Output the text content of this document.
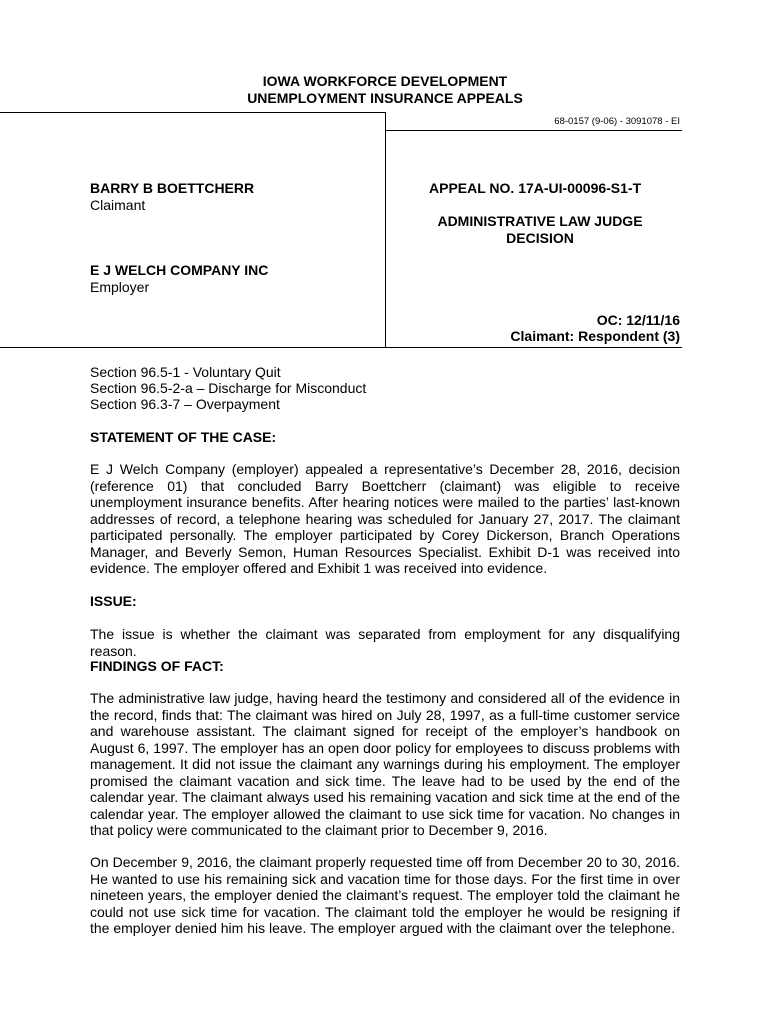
IOWA WORKFORCE DEVELOPMENT
UNEMPLOYMENT INSURANCE APPEALS
68-0157 (9-06) - 3091078 - EI
BARRY B BOETTCHERR
Claimant
E J WELCH COMPANY INC
Employer
APPEAL NO. 17A-UI-00096-S1-T
ADMINISTRATIVE LAW JUDGE
DECISION
OC: 12/11/16
Claimant: Respondent (3)
Section 96.5-1 - Voluntary Quit
Section 96.5-2-a – Discharge for Misconduct
Section 96.3-7 – Overpayment
STATEMENT OF THE CASE:

E J Welch Company (employer) appealed a representative’s December 28, 2016, decision (reference 01) that concluded Barry Boettcherr (claimant) was eligible to receive unemployment insurance benefits. After hearing notices were mailed to the parties’ last-known addresses of record, a telephone hearing was scheduled for January 27, 2017. The claimant participated personally. The employer participated by Corey Dickerson, Branch Operations Manager, and Beverly Semon, Human Resources Specialist. Exhibit D-1 was received into evidence. The employer offered and Exhibit 1 was received into evidence.

ISSUE:

The issue is whether the claimant was separated from employment for any disqualifying reason.

FINDINGS OF FACT:

The administrative law judge, having heard the testimony and considered all of the evidence in the record, finds that: The claimant was hired on July 28, 1997, as a full-time customer service and warehouse assistant. The claimant signed for receipt of the employer’s handbook on August 6, 1997. The employer has an open door policy for employees to discuss problems with management. It did not issue the claimant any warnings during his employment. The employer promised the claimant vacation and sick time. The leave had to be used by the end of the calendar year. The claimant always used his remaining vacation and sick time at the end of the calendar year. The employer allowed the claimant to use sick time for vacation. No changes in that policy were communicated to the claimant prior to December 9, 2016.

On December 9, 2016, the claimant properly requested time off from December 20 to 30, 2016. He wanted to use his remaining sick and vacation time for those days. For the first time in over nineteen years, the employer denied the claimant’s request. The employer told the claimant he could not use sick time for vacation. The claimant told the employer he would be resigning if the employer denied him his leave. The employer argued with the claimant over the telephone.
